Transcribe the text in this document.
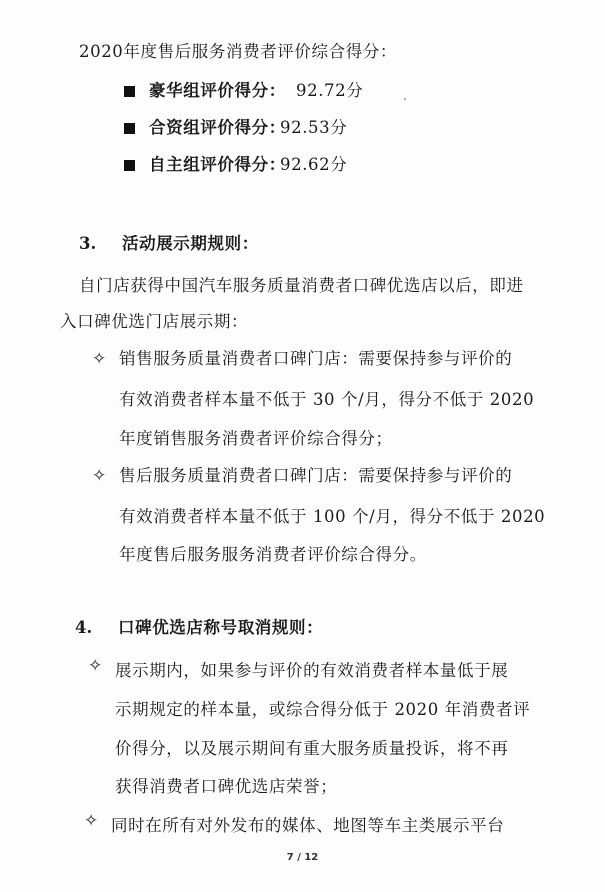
2020年度售后服务消费者评价综合得分：
豪华组评价得分： 92.72分
合资组评价得分：
92.53分
自主组评价得分：
92.62分
3. 活动展示期规则：
自门店获得中国汽车服务质量消费者口碑优选店以后，即进
入口碑优选门店展示期：
✧ 销售服务质量消费者口碑门店：需要保持参与评价的
有效消费者样本量不低于 30 个/月，得分不低于 2020
年度销售服务消费者评价综合得分；
✧ 售后服务质量消费者口碑门店：需要保持参与评价的
有效消费者样本量不低于 100 个/月，得分不低于 2020
年度售后服务服务消费者评价综合得分。
4. 口碑优选店称号取消规则：
✧ 展示期内，如果参与评价的有效消费者样本量低于展
示期规定的样本量，或综合得分低于 2020 年消费者评
价得分，以及展示期间有重大服务质量投诉，将不再
获得消费者口碑优选店荣誉；
✧ 同时在所有对外发布的媒体、地图等车主类展示平台
7 / 12
